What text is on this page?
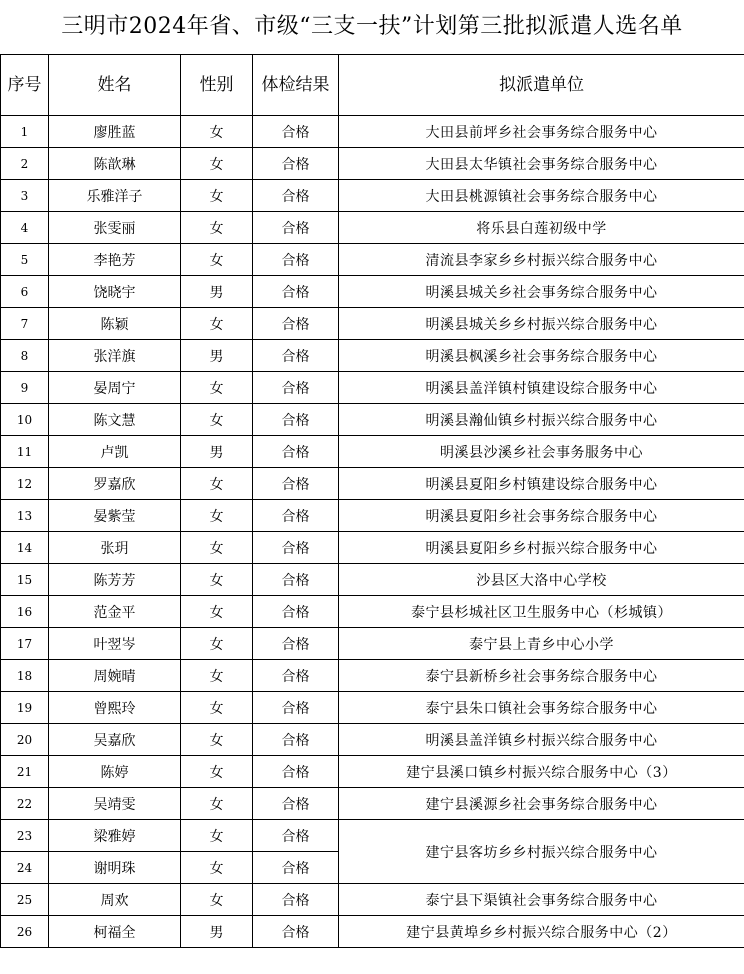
三明市2024年省、市级“三支一扶”计划第三批拟派遣人选名单
序号	姓名	性别	体检结果	拟派遣单位
1	廖胜蓝	女	合格	大田县前坪乡社会事务综合服务中心
2	陈歆琳	女	合格	大田县太华镇社会事务综合服务中心
3	乐雅洋子	女	合格	大田县桃源镇社会事务综合服务中心
4	张雯丽	女	合格	将乐县白莲初级中学
5	李艳芳	女	合格	清流县李家乡乡村振兴综合服务中心
6	饶晓宇	男	合格	明溪县城关乡社会事务综合服务中心
7	陈颖	女	合格	明溪县城关乡乡村振兴综合服务中心
8	张洋旗	男	合格	明溪县枫溪乡社会事务综合服务中心
9	晏周宁	女	合格	明溪县盖洋镇村镇建设综合服务中心
10	陈文慧	女	合格	明溪县瀚仙镇乡村振兴综合服务中心
11	卢凯	男	合格	明溪县沙溪乡社会事务服务中心
12	罗嘉欣	女	合格	明溪县夏阳乡村镇建设综合服务中心
13	晏紫莹	女	合格	明溪县夏阳乡社会事务综合服务中心
14	张玥	女	合格	明溪县夏阳乡乡村振兴综合服务中心
15	陈芳芳	女	合格	沙县区大洛中心学校
16	范金平	女	合格	泰宁县杉城社区卫生服务中心（杉城镇）
17	叶翌岑	女	合格	泰宁县上青乡中心小学
18	周婉晴	女	合格	泰宁县新桥乡社会事务综合服务中心
19	曾熙玲	女	合格	泰宁县朱口镇社会事务综合服务中心
20	吴嘉欣	女	合格	明溪县盖洋镇乡村振兴综合服务中心
21	陈婷	女	合格	建宁县溪口镇乡村振兴综合服务中心（3）
22	吴靖雯	女	合格	建宁县溪源乡社会事务综合服务中心
23	梁雅婷	女	合格	建宁县客坊乡乡村振兴综合服务中心
24	谢明珠	女	合格	
25	周欢	女	合格	泰宁县下渠镇社会事务综合服务中心
26	柯福全	男	合格	建宁县黄埠乡乡村振兴综合服务中心（2）
